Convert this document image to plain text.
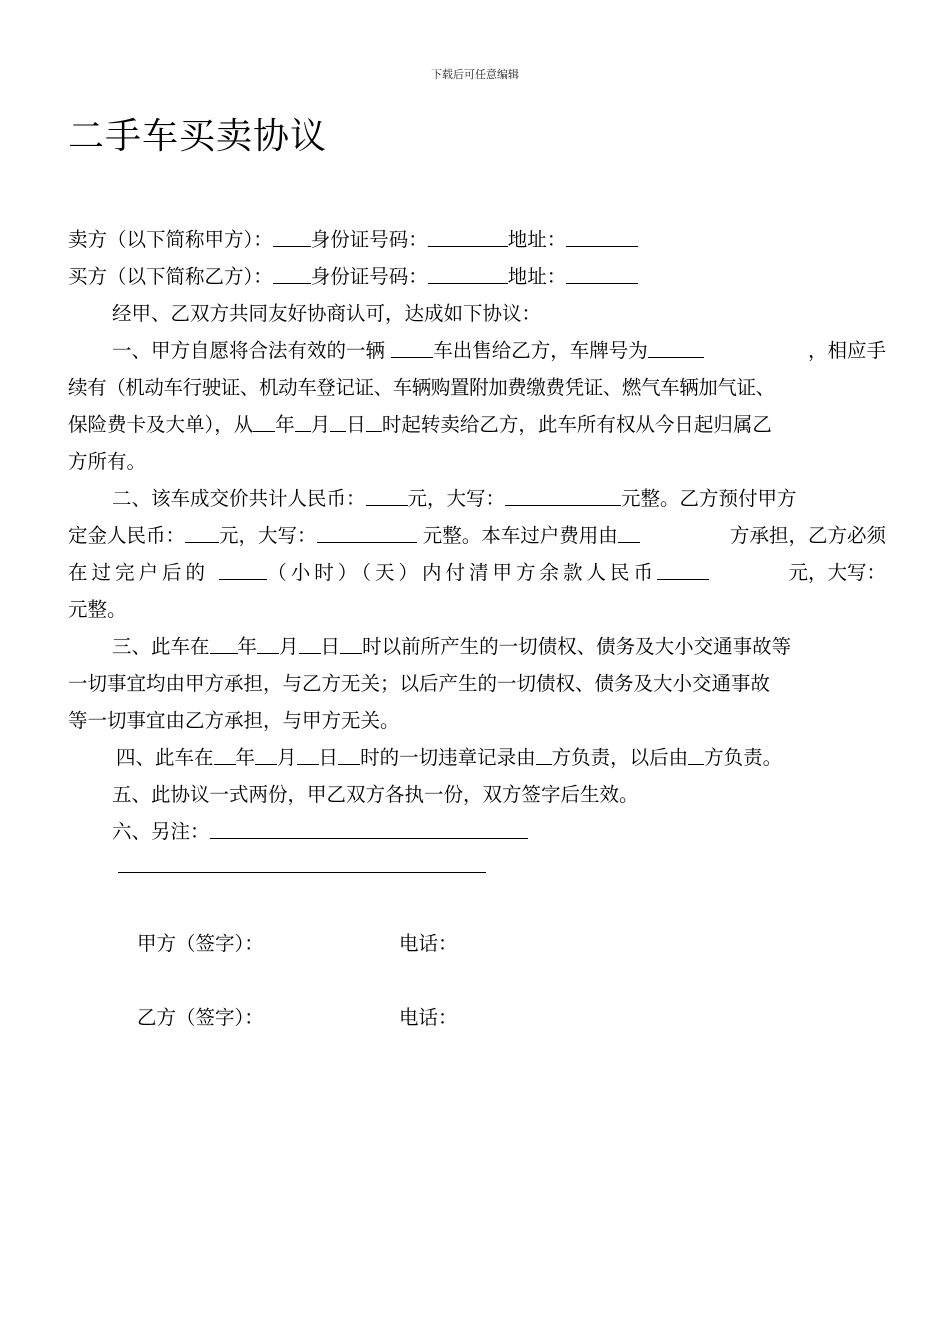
下载后可任意编辑
二手车买卖协议
卖方（以下简称甲方）： 身份证号码：	地址：
买方（以下简称乙方）： 身份证号码：	地址：
经甲、乙双方共同友好协商认可，达成如下协议：
一、甲方自愿将合法有效的一辆 车出售给乙方，车牌号为	，相应手
续有（机动车行驶证、机动车登记证、车辆购置附加费缴费凭证、燃气车辆加气证、
保险费卡及大单），从 年 月 日 时起转卖给乙方，此车所有权从今日起归属乙
方所有。
二、该车成交价共计人民币： 元，大写：	元整。乙方预付甲方
定金人民币： 元，大写：	元整。本车过户费用由	方承担，乙方必须
在过完户后的	（小时）（天）内付清甲方余款人民币	元，大写：
元整。
三、此车在 年 月 日 时以前所产生的一切债权、债务及大小交通事故等
一切事宜均由甲方承担，与乙方无关；以后产生的一切债权、债务及大小交通事故
等一切事宜由乙方承担，与甲方无关。
四、此车在 年 月 日 时的一切违章记录由 方负责，以后由 方负责。
五、此协议一式两份，甲乙双方各执一份，双方签字后生效。
六、另注：
甲方（签字）：	电话：
乙方（签字）：	电话：
